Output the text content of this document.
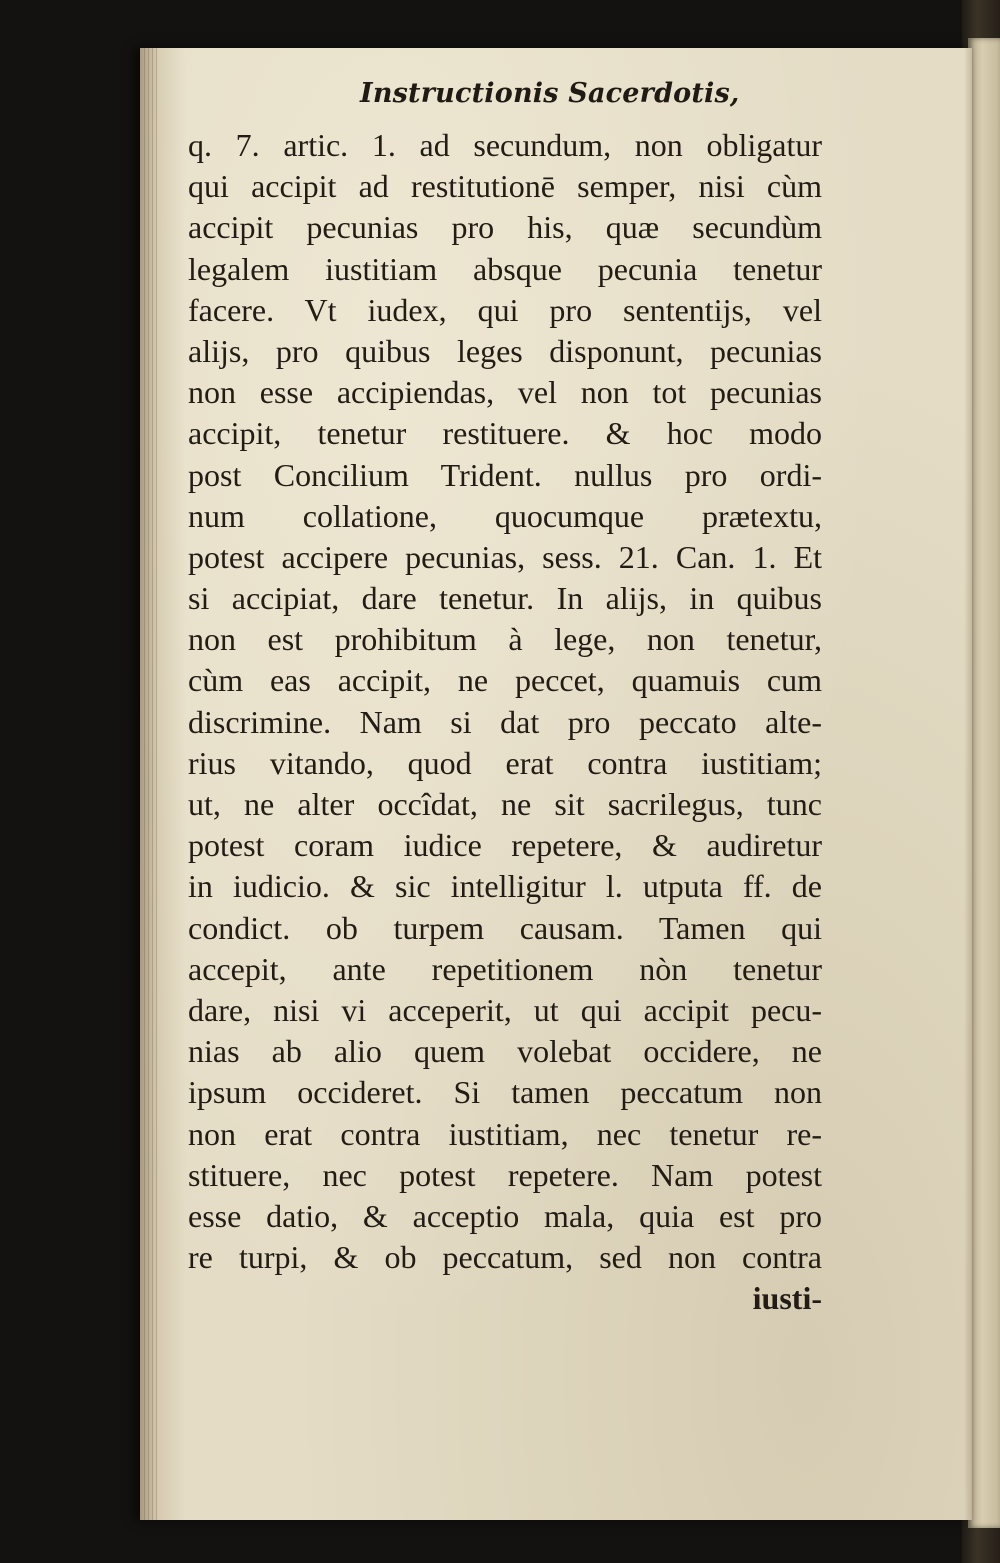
Instructionis Sacerdotis,
q. 7. artic. 1. ad secundum, non obligatur
qui accipit ad restitutionē semper, nisi cùm
accipit pecunias pro his, quæ secundùm
legalem iustitiam absque pecunia tenetur
facere. Vt iudex, qui pro sententijs, vel
alijs, pro quibus leges disponunt, pecunias
non esse accipiendas, vel non tot pecunias
accipit, tenetur restituere. & hoc modo
post Concilium Trident. nullus pro ordi-
num collatione, quocumque prætextu,
potest accipere pecunias, sess. 21. Can. 1. Et
si accipiat, dare tenetur. In alijs, in quibus
non est prohibitum à lege, non tenetur,
cùm eas accipit, ne peccet, quamuis cum
discrimine. Nam si dat pro peccato alte-
rius vitando, quod erat contra iustitiam;
ut, ne alter occîdat, ne sit sacrilegus, tunc
potest coram iudice repetere, & audiretur
in iudicio. & sic intelligitur l. utputa ff. de
condict. ob turpem causam. Tamen qui
accepit, ante repetitionem nòn tenetur
dare, nisi vi acceperit, ut qui accipit pecu-
nias ab alio quem volebat occidere, ne
ipsum occideret. Si tamen peccatum non
non erat contra iustitiam, nec tenetur re-
stituere, nec potest repetere. Nam potest
esse datio, & acceptio mala, quia est pro
re turpi, & ob peccatum, sed non contra
iusti-
